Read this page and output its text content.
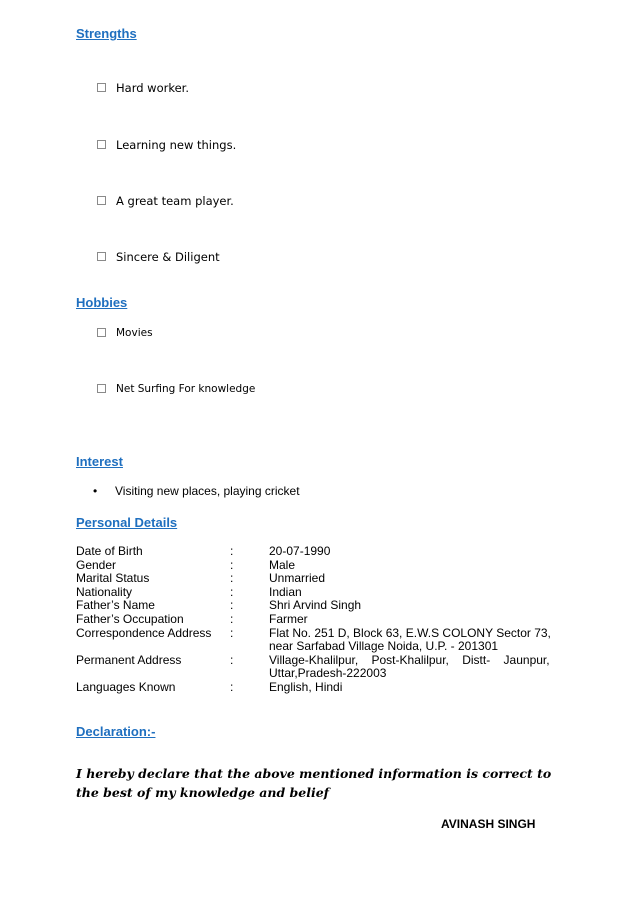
Strengths
Hard worker.
Learning new things.
A great team player.
Sincere & Diligent
Hobbies
Movies
Net Surfing For knowledge
Interest
• Visiting new places, playing cricket
Personal Details
Date of Birth	:	20-07-1990
Gender	:	Male
Marital Status	:	Unmarried
Nationality	:	Indian
Father’s Name	:	Shri Arvind Singh
Father’s Occupation	:	Farmer
Correspondence Address :	Flat No. 251 D, Block 63, E.W.S COLONY Sector 73,
near Sarfabad Village Noida, U.P. - 201301
Permanent Address	:	Village-Khalilpur,    Post-Khalilpur,    Distt-    Jaunpur,
Uttar,Pradesh-222003
Languages Known	:	English, Hindi
Declaration:-
I hereby declare that the above mentioned information is correct to the best of my knowledge and belief
AVINASH SINGH
